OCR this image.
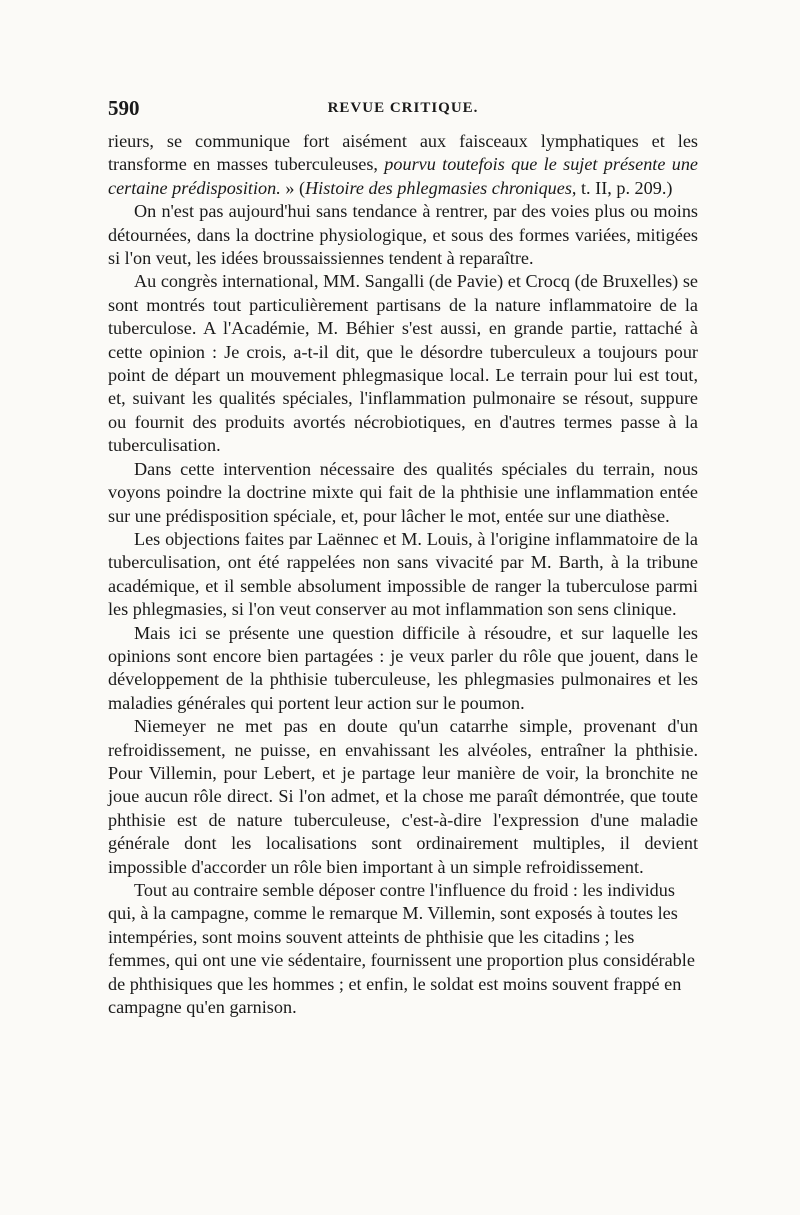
590	REVUE CRITIQUE.

rieurs, se communique fort aisément aux faisceaux lymphatiques et les transforme en masses tuberculeuses, pourvu toutefois que le sujet présente une certaine prédisposition. » (Histoire des phlegmasies chroniques, t. II, p. 209.)

On n'est pas aujourd'hui sans tendance à rentrer, par des voies plus ou moins détournées, dans la doctrine physiologique, et sous des formes variées, mitigées si l'on veut, les idées broussaissiennes tendent à reparaître.

Au congrès international, MM. Sangalli (de Pavie) et Crocq (de Bruxelles) se sont montrés tout particulièrement partisans de la nature inflammatoire de la tuberculose. A l'Académie, M. Béhier s'est aussi, en grande partie, rattaché à cette opinion : Je crois, a-t-il dit, que le désordre tuberculeux a toujours pour point de départ un mouvement phlegmasique local. Le terrain pour lui est tout, et, suivant les qualités spéciales, l'inflammation pulmonaire se résout, suppure ou fournit des produits avortés nécrobiotiques, en d'autres termes passe à la tuberculisation.

Dans cette intervention nécessaire des qualités spéciales du terrain, nous voyons poindre la doctrine mixte qui fait de la phthisie une inflammation entée sur une prédisposition spéciale, et, pour lâcher le mot, entée sur une diathèse.

Les objections faites par Laënnec et M. Louis, à l'origine inflammatoire de la tuberculisation, ont été rappelées non sans vivacité par M. Barth, à la tribune académique, et il semble absolument impossible de ranger la tuberculose parmi les phlegmasies, si l'on veut conserver au mot inflammation son sens clinique.

Mais ici se présente une question difficile à résoudre, et sur laquelle les opinions sont encore bien partagées : je veux parler du rôle que jouent, dans le développement de la phthisie tuberculeuse, les phlegmasies pulmonaires et les maladies générales qui portent leur action sur le poumon.

Niemeyer ne met pas en doute qu'un catarrhe simple, provenant d'un refroidissement, ne puisse, en envahissant les alvéoles, entraîner la phthisie. Pour Villemin, pour Lebert, et je partage leur manière de voir, la bronchite ne joue aucun rôle direct. Si l'on admet, et la chose me paraît démontrée, que toute phthisie est de nature tuberculeuse, c'est-à-dire l'expression d'une maladie générale dont les localisations sont ordinairement multiples, il devient impossible d'accorder un rôle bien important à un simple refroidissement.

Tout au contraire semble déposer contre l'influence du froid : les individus qui, à la campagne, comme le remarque M. Villemin, sont exposés à toutes les intempéries, sont moins souvent atteints de phthisie que les citadins ; les femmes, qui ont une vie sédentaire, fournissent une proportion plus considérable de phthisiques que les hommes ; et enfin, le soldat est moins souvent frappé en campagne qu'en garnison.
